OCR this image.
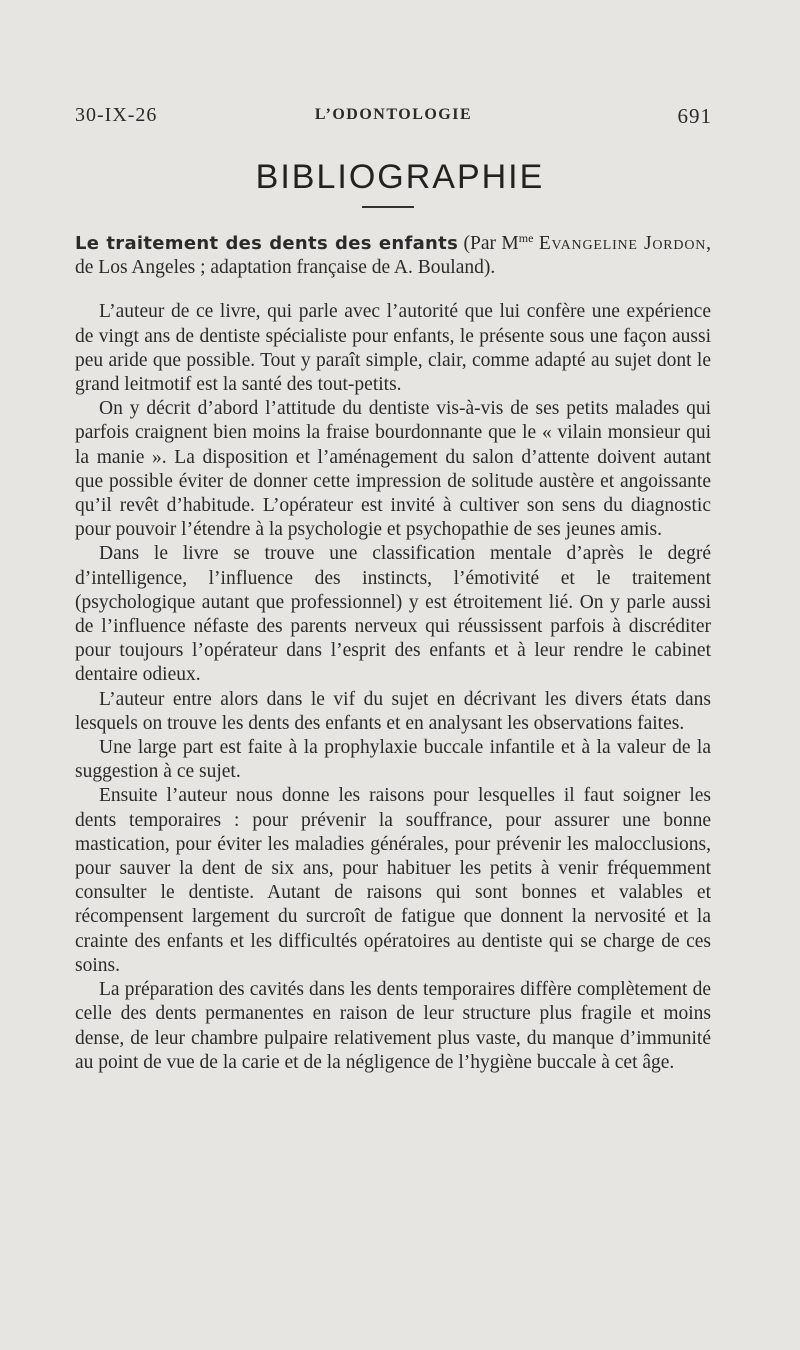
30-IX-26	L’ODONTOLOGIE	691
BIBLIOGRAPHIE

Le traitement des dents des enfants (Par $M^{me}$ Evangeline Jordon, de Los Angeles ; adaptation française de A. Bouland).

L’auteur de ce livre, qui parle avec l’autorité que lui confère une expérience de vingt ans de dentiste spécialiste pour enfants, le présente sous une façon aussi peu aride que possible. Tout y paraît simple, clair, comme adapté au sujet dont le grand leitmotif est la santé des tout-petits.

On y décrit d’abord l’attitude du dentiste vis-à-vis de ses petits malades qui parfois craignent bien moins la fraise bourdonnante que le « vilain monsieur qui la manie ». La disposition et l’aménagement du salon d’attente doivent autant que possible éviter de donner cette impression de solitude austère et angoissante qu’il revêt d’habitude. L’opérateur est invité à cultiver son sens du diagnostic pour pouvoir l’étendre à la psychologie et psychopathie de ses jeunes amis.

Dans le livre se trouve une classification mentale d’après le degré d’intelligence, l’influence des instincts, l’émotivité et le traitement (psychologique autant que professionnel) y est étroitement lié. On y parle aussi de l’influence néfaste des parents nerveux qui réussissent parfois à discréditer pour toujours l’opérateur dans l’esprit des enfants et à leur rendre le cabinet dentaire odieux.

L’auteur entre alors dans le vif du sujet en décrivant les divers états dans lesquels on trouve les dents des enfants et en analysant les observations faites.

Une large part est faite à la prophylaxie buccale infantile et à la valeur de la suggestion à ce sujet.

Ensuite l’auteur nous donne les raisons pour lesquelles il faut soigner les dents temporaires : pour prévenir la souffrance, pour assurer une bonne mastication, pour éviter les maladies générales, pour prévenir les malocclusions, pour sauver la dent de six ans, pour habituer les petits à venir fréquemment consulter le dentiste. Autant de raisons qui sont bonnes et valables et récompensent largement du surcroît de fatigue que donnent la nervosité et la crainte des enfants et les difficultés opératoires au dentiste qui se charge de ces soins.

La préparation des cavités dans les dents temporaires diffère complètement de celle des dents permanentes en raison de leur structure plus fragile et moins dense, de leur chambre pulpaire relativement plus vaste, du manque d’immunité au point de vue de la carie et de la négligence de l’hygiène buccale à cet âge.
